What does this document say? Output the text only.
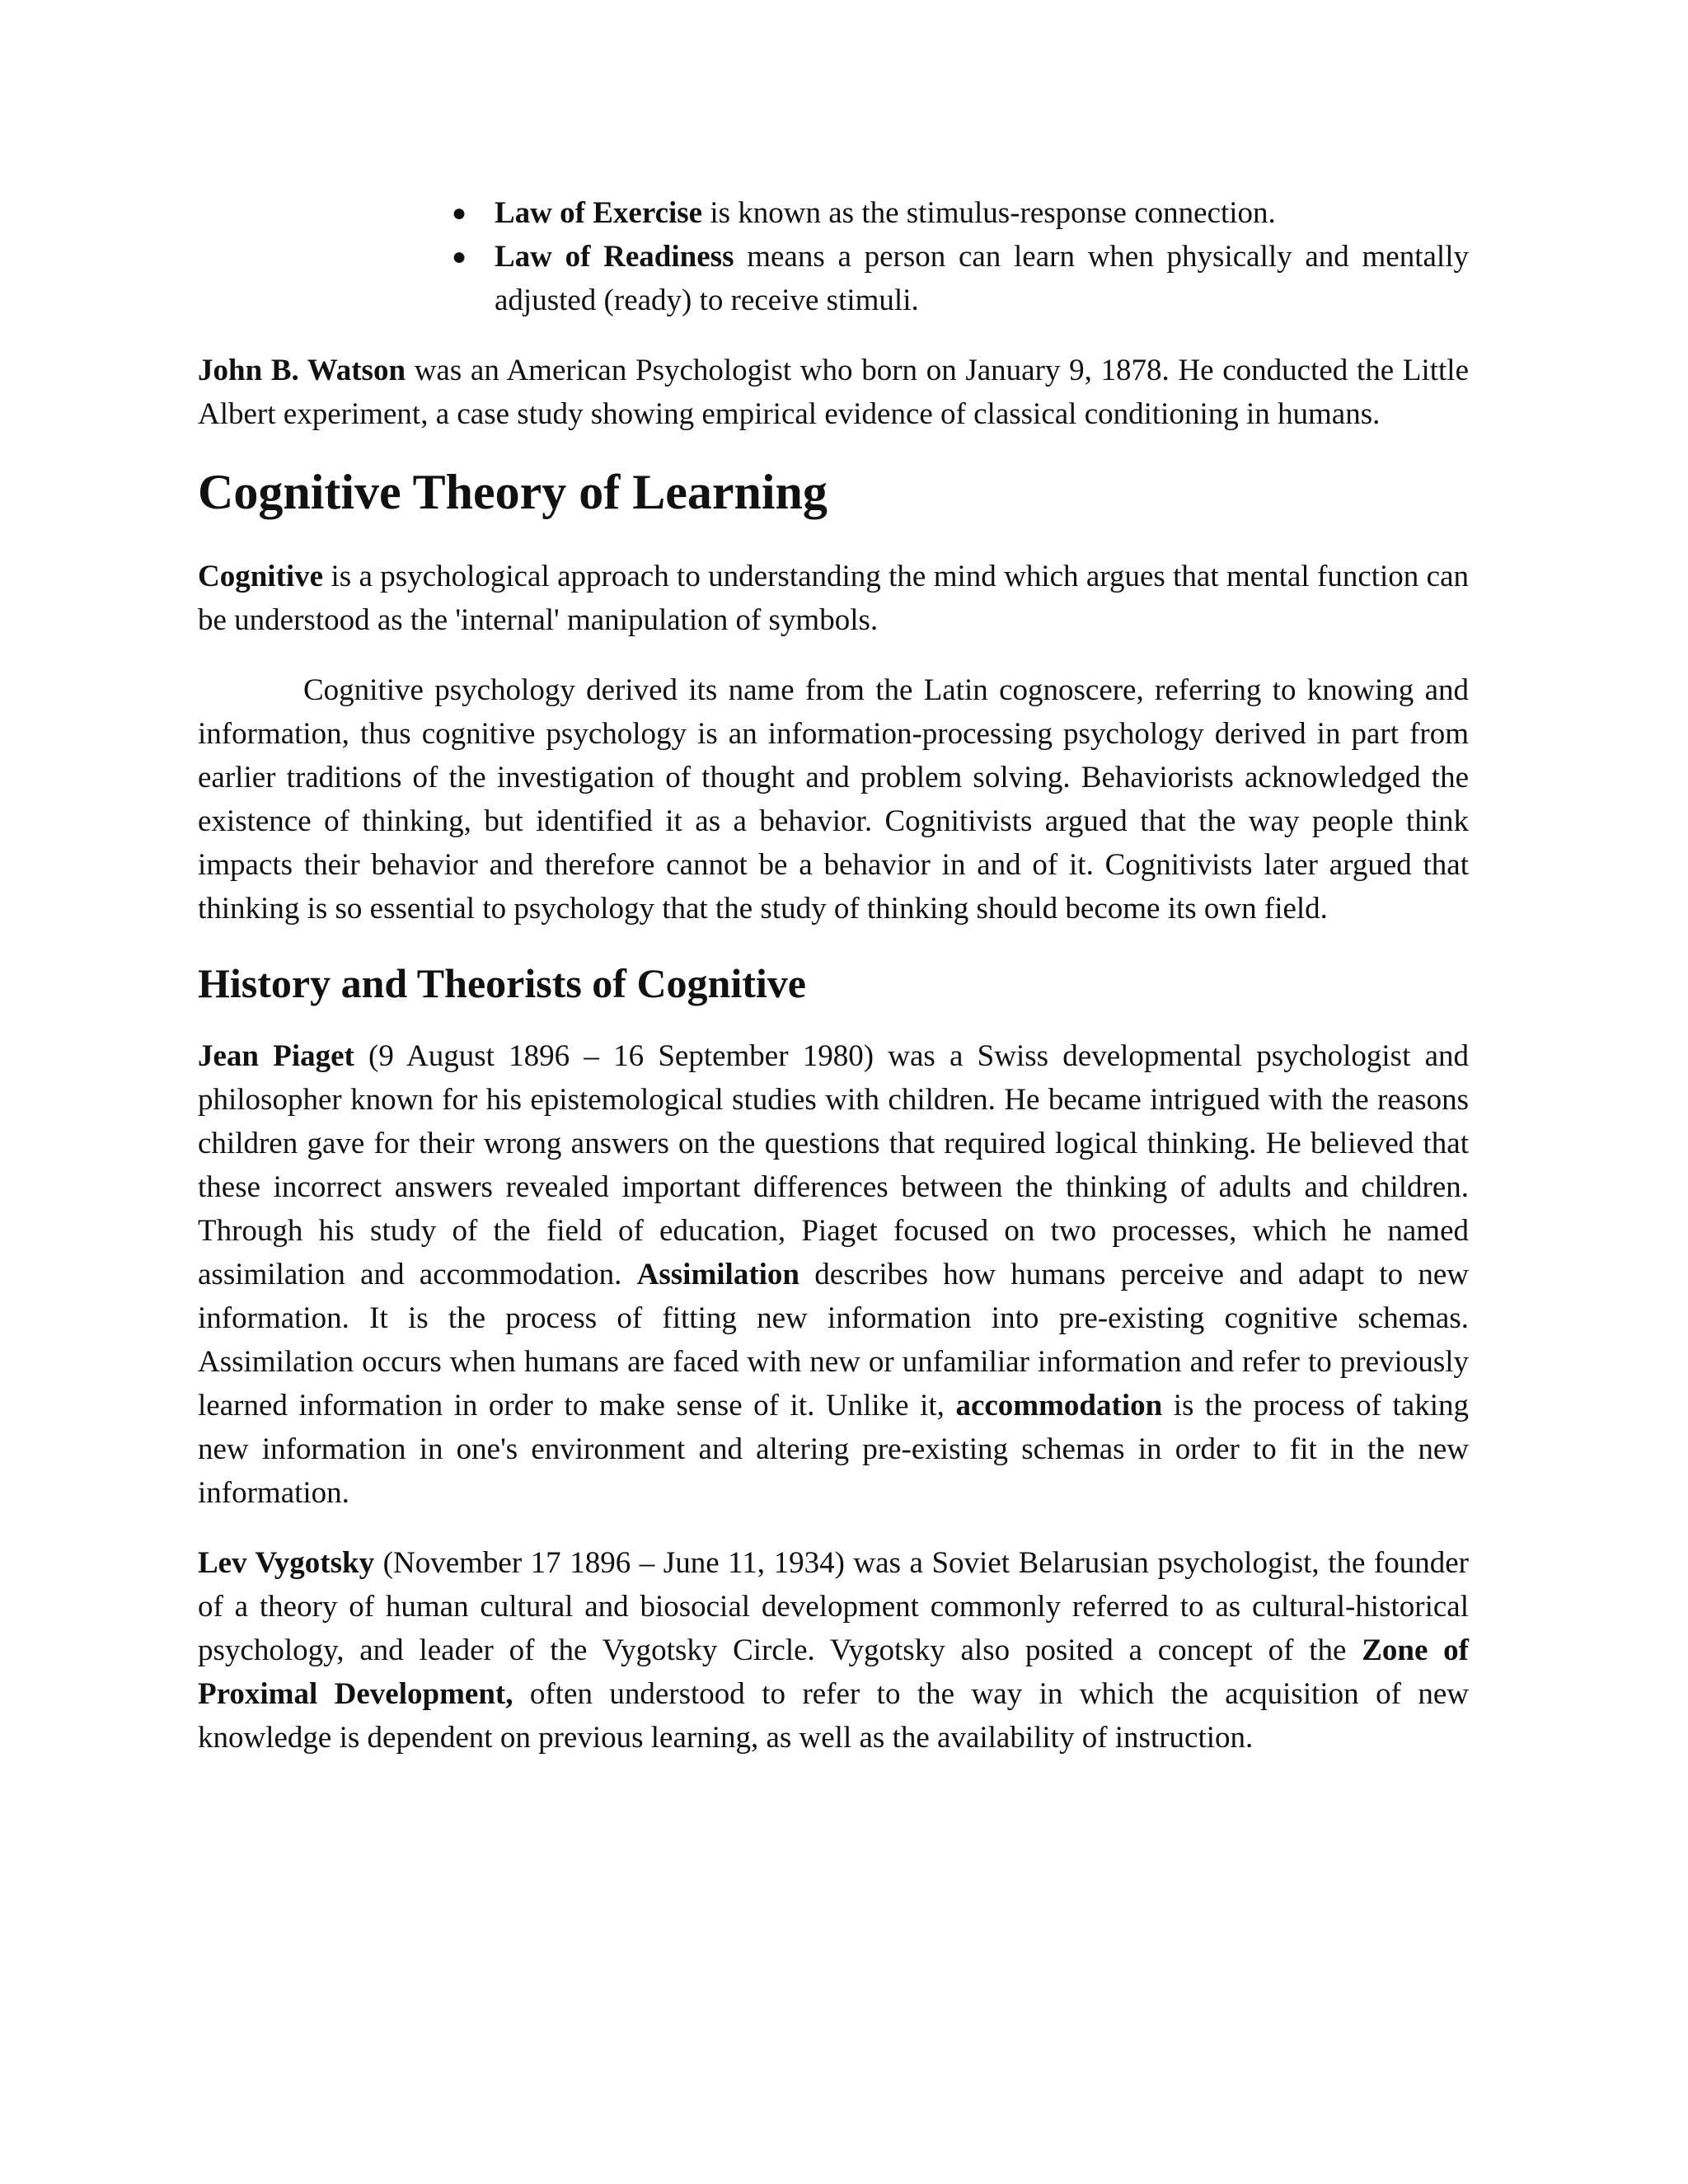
● Law of Exercise is known as the stimulus-response connection.
● Law of Readiness means a person can learn when physically and mentally adjusted (ready) to receive stimuli.

John B. Watson was an American Psychologist who born on January 9, 1878. He conducted the Little Albert experiment, a case study showing empirical evidence of classical conditioning in humans.

Cognitive Theory of Learning

Cognitive is a psychological approach to understanding the mind which argues that mental function can be understood as the 'internal' manipulation of symbols.

Cognitive psychology derived its name from the Latin cognoscere, referring to knowing and information, thus cognitive psychology is an information-processing psychology derived in part from earlier traditions of the investigation of thought and problem solving. Behaviorists acknowledged the existence of thinking, but identified it as a behavior. Cognitivists argued that the way people think impacts their behavior and therefore cannot be a behavior in and of it. Cognitivists later argued that thinking is so essential to psychology that the study of thinking should become its own field.

History and Theorists of Cognitive

Jean Piaget (9 August 1896 – 16 September 1980) was a Swiss developmental psychologist and philosopher known for his epistemological studies with children. He became intrigued with the reasons children gave for their wrong answers on the questions that required logical thinking. He believed that these incorrect answers revealed important differences between the thinking of adults and children. Through his study of the field of education, Piaget focused on two processes, which he named assimilation and accommodation. Assimilation describes how humans perceive and adapt to new information. It is the process of fitting new information into pre-existing cognitive schemas. Assimilation occurs when humans are faced with new or unfamiliar information and refer to previously learned information in order to make sense of it. Unlike it, accommodation is the process of taking new information in one's environment and altering pre-existing schemas in order to fit in the new information.

Lev Vygotsky (November 17 1896 – June 11, 1934) was a Soviet Belarusian psychologist, the founder of a theory of human cultural and biosocial development commonly referred to as cultural-historical psychology, and leader of the Vygotsky Circle. Vygotsky also posited a concept of the Zone of Proximal Development, often understood to refer to the way in which the acquisition of new knowledge is dependent on previous learning, as well as the availability of instruction.
